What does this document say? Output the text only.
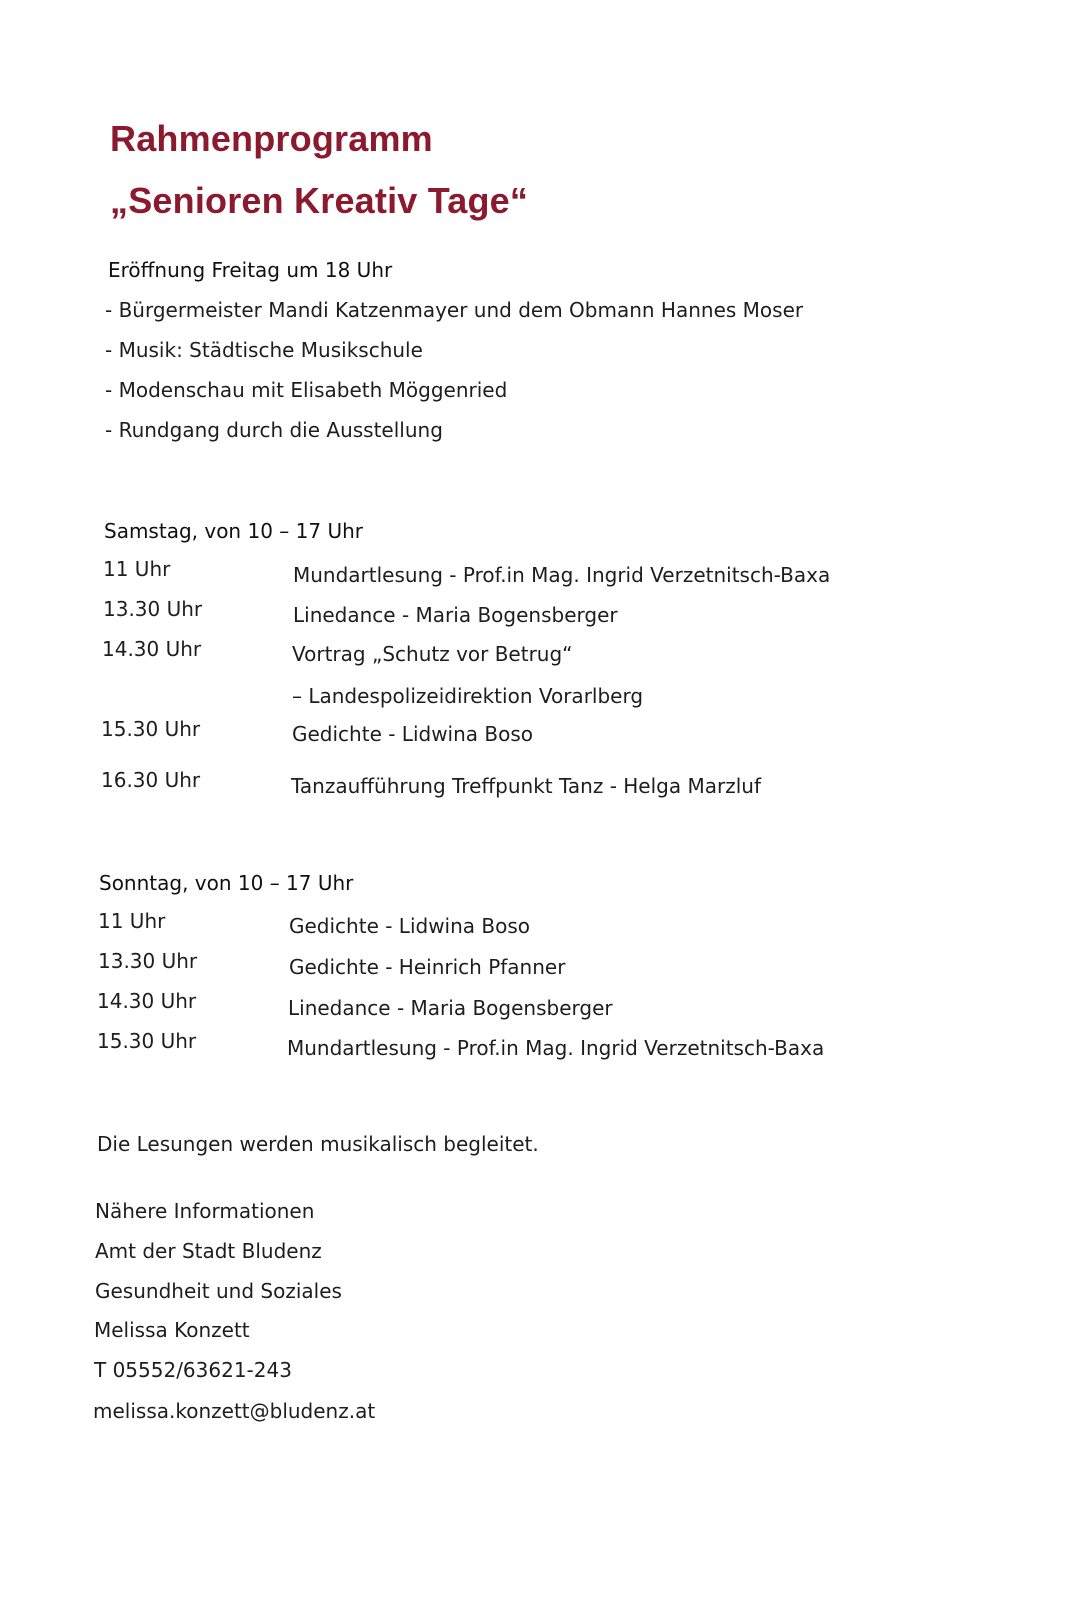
Rahmenprogramm
„Senioren Kreativ Tage“
Eröffnung Freitag um 18 Uhr
- Bürgermeister Mandi Katzenmayer und dem Obmann Hannes Moser
- Musik: Städtische Musikschule
- Modenschau mit Elisabeth Möggenried
- Rundgang durch die Ausstellung
Samstag, von 10 – 17 Uhr
11 Uhr	Mundartlesung - Prof.in Mag. Ingrid Verzetnitsch-Baxa
13.30 Uhr	Linedance - Maria Bogensberger
14.30 Uhr	Vortrag „Schutz vor Betrug“
– Landespolizeidirektion Vorarlberg
15.30 Uhr	Gedichte - Lidwina Boso
16.30 Uhr	Tanzaufführung Treffpunkt Tanz - Helga Marzluf
Sonntag, von 10 – 17 Uhr
11 Uhr	Gedichte - Lidwina Boso
13.30 Uhr	Gedichte - Heinrich Pfanner
14.30 Uhr	Linedance - Maria Bogensberger
15.30 Uhr	Mundartlesung - Prof.in Mag. Ingrid Verzetnitsch-Baxa
Die Lesungen werden musikalisch begleitet.
Nähere Informationen
Amt der Stadt Bludenz
Gesundheit und Soziales
Melissa Konzett
T 05552/63621-243
melissa.konzett@bludenz.at
